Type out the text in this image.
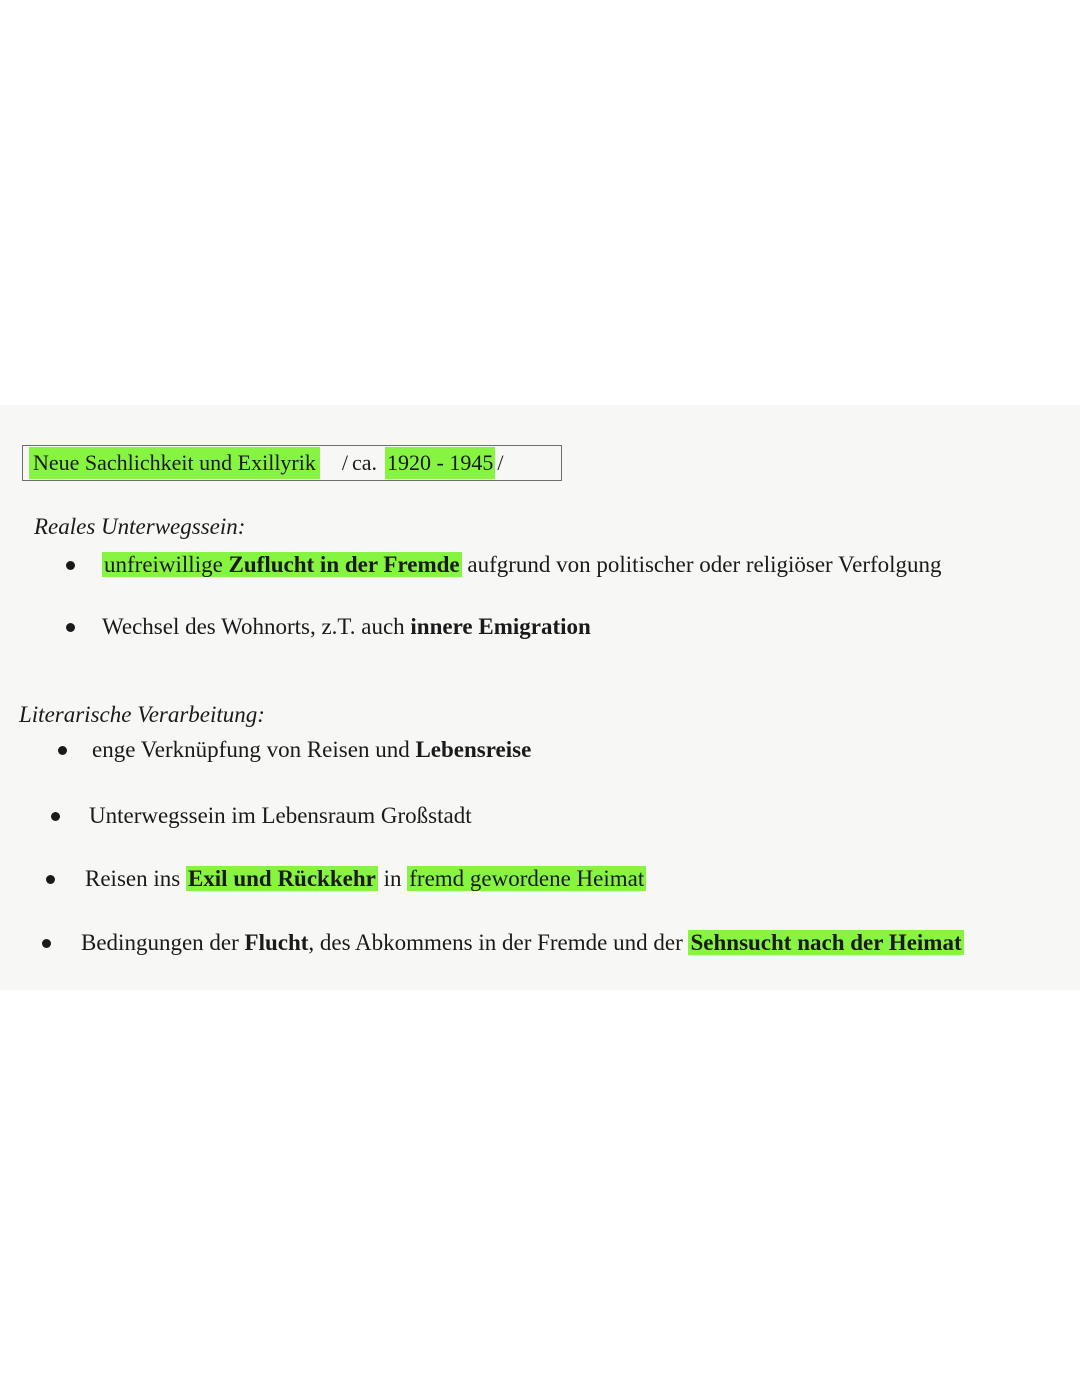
Neue Sachlichkeit und Exillyrik / ca. 1920 - 1945 /
Reales Unterwegssein:
unfreiwillige Zuflucht in der Fremde aufgrund von politischer oder religiöser Verfolgung
Wechsel des Wohnorts, z.T. auch innere Emigration
Literarische Verarbeitung:
enge Verknüpfung von Reisen und Lebensreise
Unterwegssein im Lebensraum Großstadt
Reisen ins Exil und Rückkehr in fremd gewordene Heimat
Bedingungen der Flucht, des Abkommens in der Fremde und der Sehnsucht nach der Heimat
